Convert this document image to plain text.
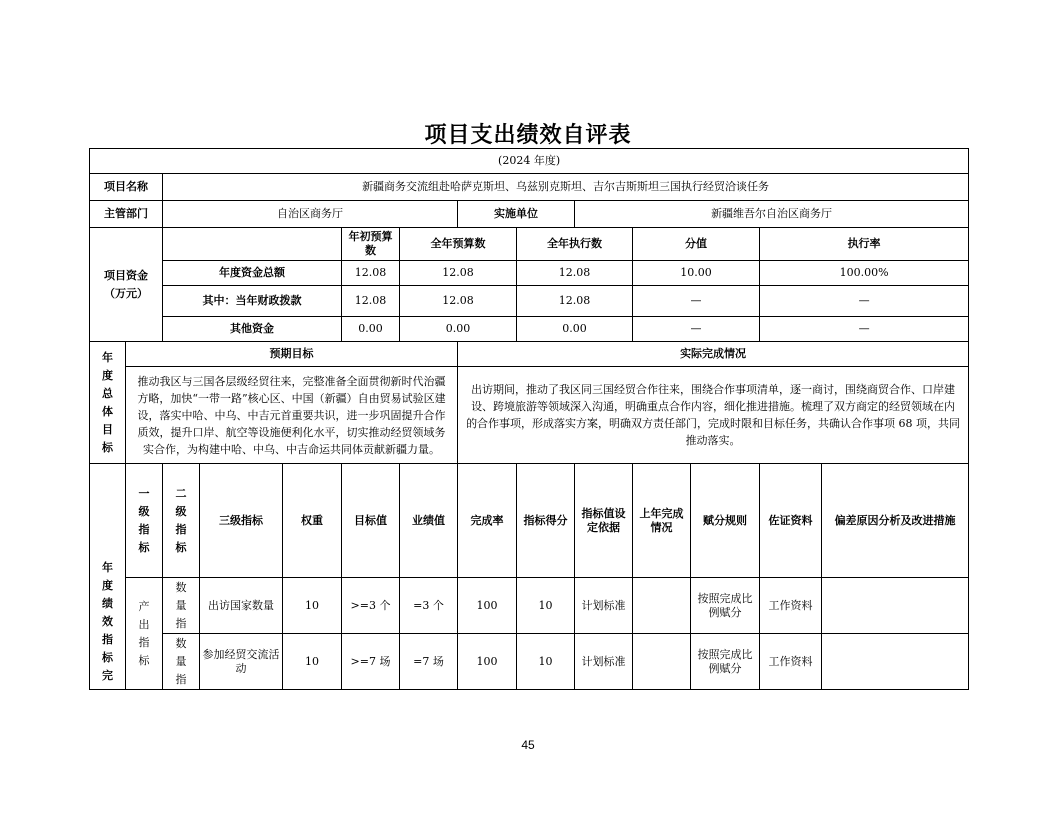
项目支出绩效自评表
(2024 年度)														
项目名称		新疆商务交流组赴哈萨克斯坦、乌兹别克斯坦、吉尔吉斯斯坦三国执行经贸洽谈任务												
主管部门		自治区商务厅					实施单位		新疆维吾尔自治区商务厅					

项目资金
（万元）					年初预算数	全年预算数		全年执行数		分值		执行率	
		年度资金总额			12.08	12.08		12.08		10.00		100.00%	
		其中：当年财政拨款			12.08	12.08		12.08		—		—	
		其他资金			0.00	0.00		0.00		—		—	

年度总体目标	预期目标						实际完成情况							
	推动我区与三国各层级经贸往来，完整准备全面贯彻新时代治疆方略，加快“一带一路”核心区、中国（新疆）自由贸易试验区建设，落实中哈、中乌、中吉元首重要共识，进一步巩固提升合作质效，提升口岸、航空等设施便利化水平，切实推动经贸领域务实合作，为构建中哈、中乌、中吉命运共同体贡献新疆力量。						出访期间，推动了我区同三国经贸合作往来，围绕合作事项清单，逐一商讨，围绕商贸合作、口岸建设、跨境旅游等领域深入沟通，明确重点合作内容，细化推进措施。梳理了双方商定的经贸领域在内的合作事项，形成落实方案，明确双方责任部门，完成时限和目标任务，共确认合作事项 68 项，共同推动落实。							

年度绩效指标完	一级指标	二级指标	三级指标	权重	目标值	业绩值	完成率	指标得分	指标值设定依据	上年完成情况	赋分规则	佐证资料	偏差原因分析及改进措施	

	产出指标	数量指	出访国家数量	10	>=3 个	=3 个	100	10	计划标准		按照完成比例赋分	工作资料		

		数量指	参加经贸交流活动	10	>=7 场	=7 场	100	10	计划标准		按照完成比例赋分	工作资料		
45
